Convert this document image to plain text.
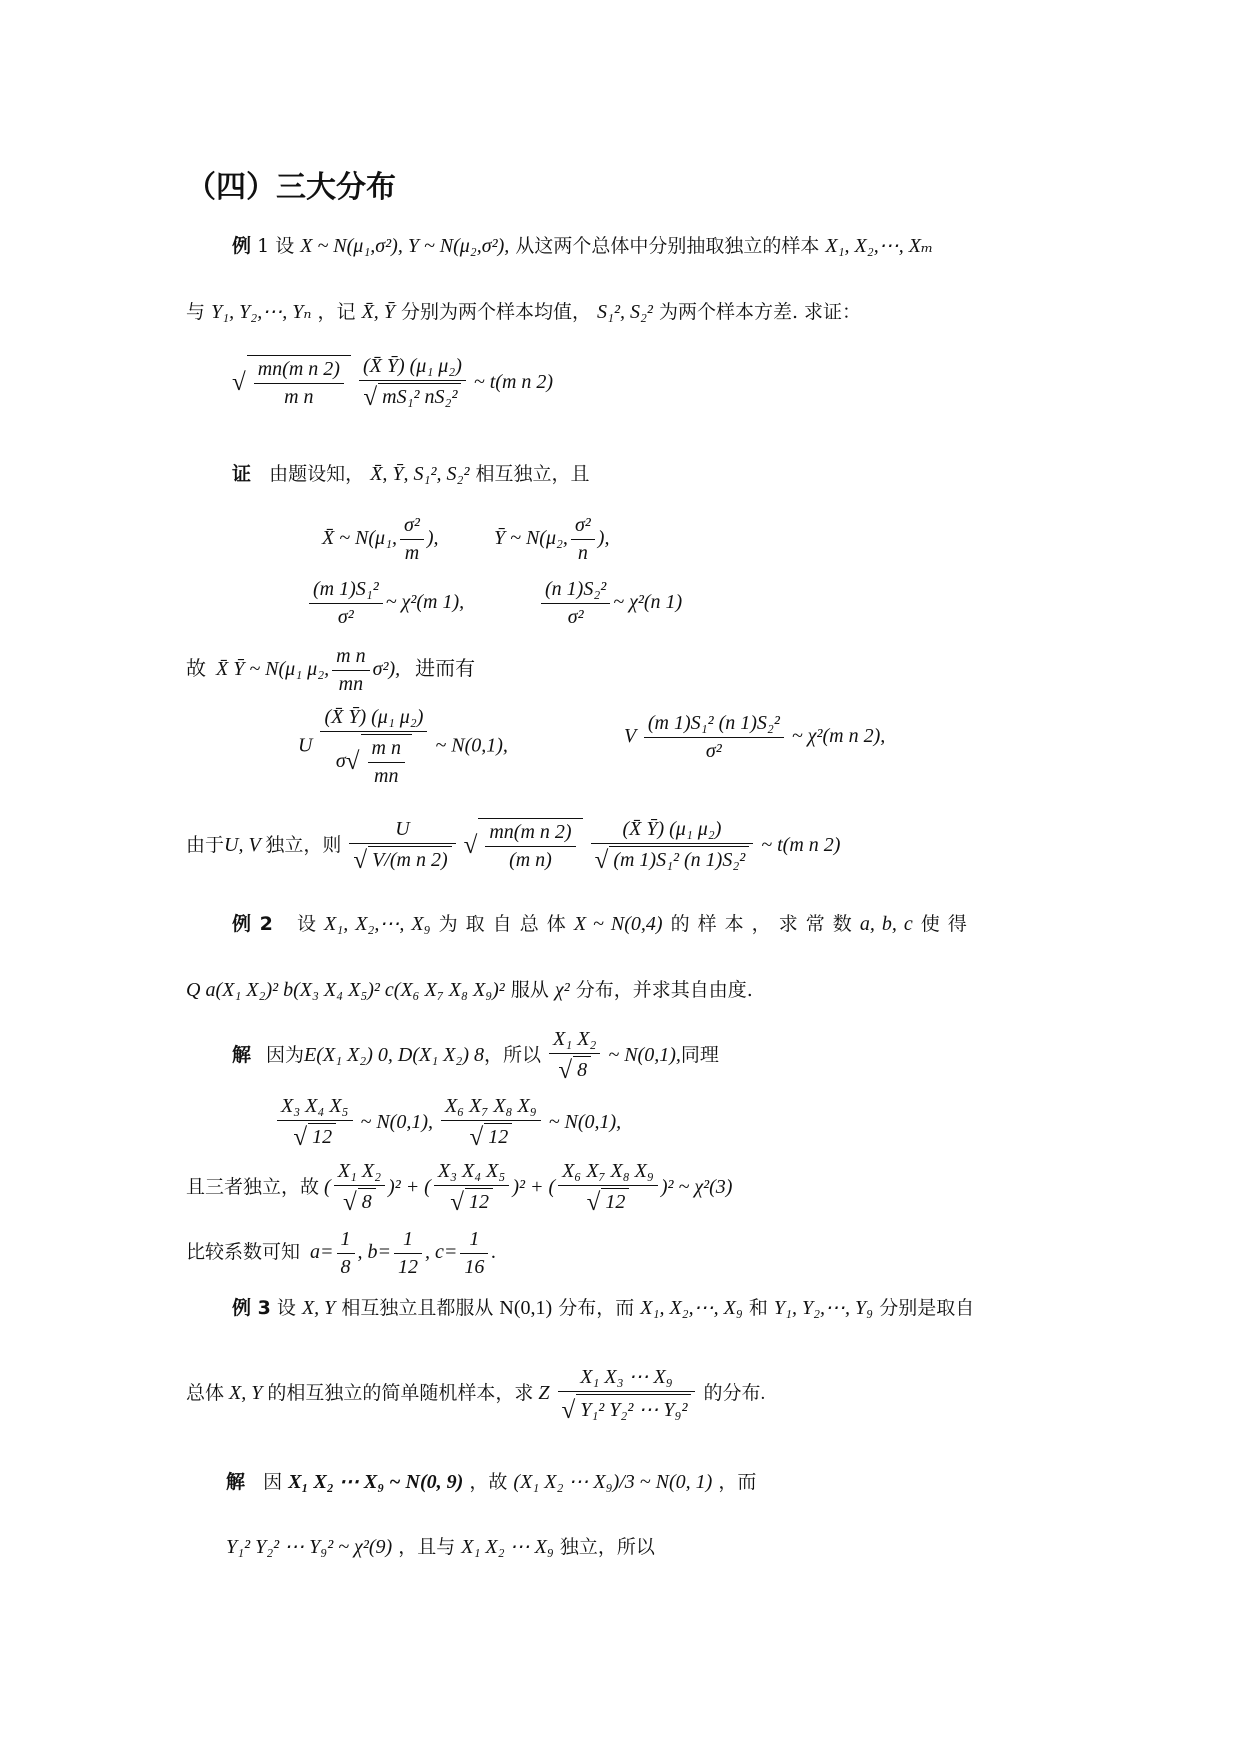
（四）三大分布
例 1 设 X ~ N(μ₁,σ²), Y ~ N(μ₂,σ²), 从这两个总体中分别抽取独立的样本 X₁, X₂,⋯, Xₘ
与 Y₁, Y₂,⋯, Yₙ ，记 X̄, Ȳ 分别为两个样本均值， S₁², S₂² 为两个样本方差. 求证：
√ $\frac{\text{mn(m n 2)}}{\text{m n}}$
$\frac{\text{(X̄ Ȳ) (μ₁ μ₂)}}{\text{√ mS₁² nS₂²}}$ ~ t(m n 2)
证 由题设知， X̄, Ȳ, S₁², S₂² 相互独立，且
X̄ ~ N(μ₁, $\frac{\text{σ²}}{m}$ ),	Ȳ ~ N(μ₂, $\frac{\text{σ²}}{n}$ ),
$\frac{\text{(m 1)S₁²}}{\text{σ²}}$ ~ χ²(m 1),	$\frac{\text{(n 1)S₂²}}{\text{σ²}}$ ~ χ²(n 1)
故 X̄ Ȳ ~ N(μ₁ μ₂, $\frac{\text{m n}}{mn} \sigma^2$), 进而有
U $\frac{\text{(X̄ Ȳ) (μ₁ μ₂)}}{\sigma√ \frac{\text{m n}}{mn}}$ ~ N(0,1),	V $\frac{\text{(m 1)S₁² (n 1)S₂²}}{\text{σ²}}$ ~ χ²(m n 2),
由于U, V 独立，则 $\frac{U}{\text{√ V/(m n 2)}}$ √ $\frac{\text{mn(m n 2)}}{\text{(m n)}}$
$\frac{\text{(X̄ Ȳ) (μ₁ μ₂)}}{\text{√ (m 1)S₁² (n 1)S₂²}}$ ~ t(m n 2)
例 2 设 X₁, X₂,⋯, X₉ 为 取 自 总 体 X ~ N(0,4) 的 样 本 ， 求 常 数 a, b, c 使 得
Q a(X₁ X₂)² b(X₃ X₄ X₅)² c(X₆ X₇ X₈ X₉)² 服从 χ² 分布，并求其自由度.
解 因为E(X₁ X₂) 0, D(X₁ X₂) 8，所以 $\frac{\text{X₁ X₂}}{√ 8}$ ~ N(0,1),同理
$\frac{\text{X₃ X₄ X₅}}{√ 12}$ ~ N(0,1), $\frac{\text{X₆ X₇ X₈ X₉}}{√ 12}$ ~ N(0,1),
且三者独立，故 ( $\frac{\text{X₁ X₂}}{√ 8} )^2$ + ( $\frac{\text{X₃ X₄ X₅}}{√ 12} )^2$ + ( $\frac{\text{X₆ X₇ X₈ X₉}}{√ 12} )^2$ ~ χ²(3)
比较系数可知 $a= \frac{1}{8}$ , $b= \frac{1}{12}$ , $c= \frac{1}{16}$ .
例 3 设 X, Y 相互独立且都服从 N(0,1) 分布，而 X₁, X₂,⋯, X₉ 和 Y₁, Y₂,⋯, Y₉ 分别是取自
总体 X, Y 的相互独立的简单随机样本，求 Z $\frac{\text{X₁ X₃ ⋯ X₉}}{\text{√ Y₁² Y₂² ⋯ Y₉²}}$ 的分布.
解 因 X₁ X₂ ⋯ X₉ ~ N(0, 9) ，故 (X₁ X₂ ⋯ X₉)/3 ~ N(0, 1) ，而
Y₁² Y₂² ⋯ Y₉² ~ χ²(9) ，且与 X₁ X₂ ⋯ X₉ 独立，所以
